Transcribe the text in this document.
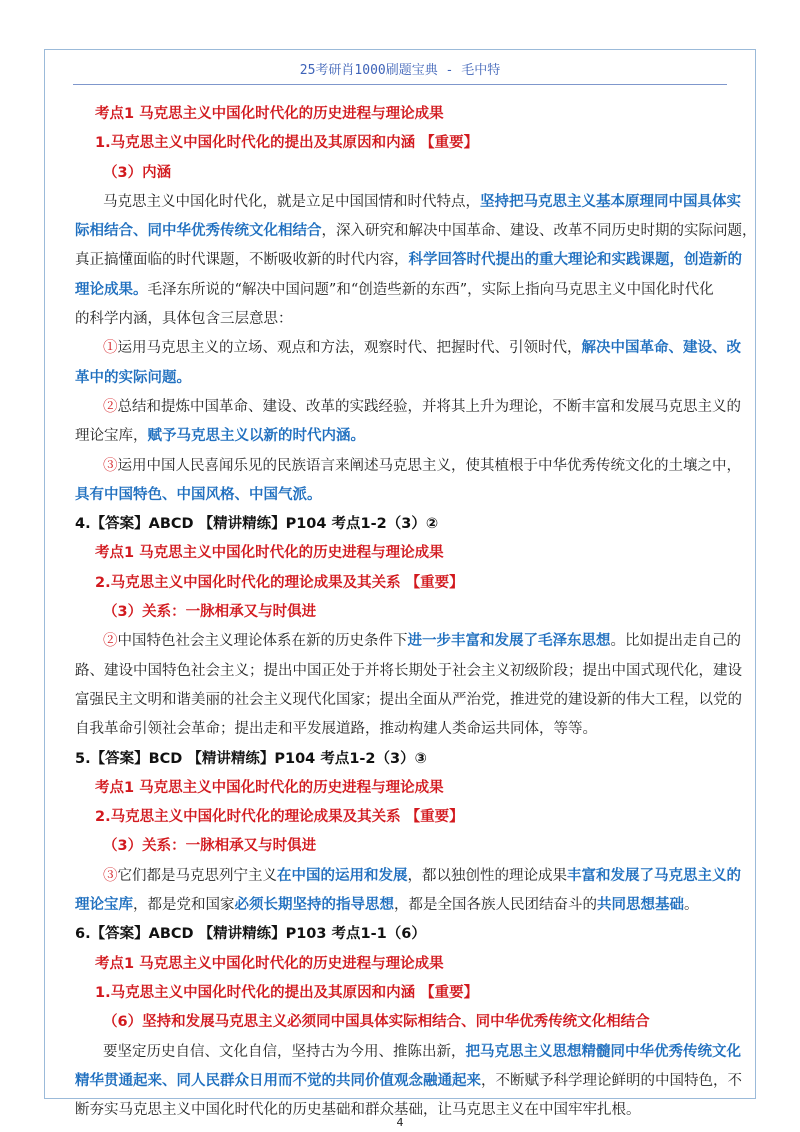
25考研肖1000刷题宝典 - 毛中特
考点1 马克思主义中国化时代化的历史进程与理论成果
1.马克思主义中国化时代化的提出及其原因和内涵 【重要】
（3）内涵
马克思主义中国化时代化，就是立足中国国情和时代特点，坚持把马克思主义基本原理同中国具体实
际相结合、同中华优秀传统文化相结合，深入研究和解决中国革命、建设、改革不同历史时期的实际问题，
真正搞懂面临的时代课题，不断吸收新的时代内容，科学回答时代提出的重大理论和实践课题，创造新的
理论成果。毛泽东所说的“解决中国问题”和“创造些新的东西”，实际上指向马克思主义中国化时代化
的科学内涵，具体包含三层意思：
①运用马克思主义的立场、观点和方法，观察时代、把握时代、引领时代，解决中国革命、建设、改
革中的实际问题。
②总结和提炼中国革命、建设、改革的实践经验，并将其上升为理论，不断丰富和发展马克思主义的
理论宝库，赋予马克思主义以新的时代内涵。
③运用中国人民喜闻乐见的民族语言来阐述马克思主义，使其植根于中华优秀传统文化的土壤之中，
具有中国特色、中国风格、中国气派。
4.【答案】ABCD 【精讲精练】P104 考点1-2（3）②
考点1 马克思主义中国化时代化的历史进程与理论成果
2.马克思主义中国化时代化的理论成果及其关系 【重要】
（3）关系：一脉相承又与时俱进
②中国特色社会主义理论体系在新的历史条件下进一步丰富和发展了毛泽东思想。比如提出走自己的
路、建设中国特色社会主义；提出中国正处于并将长期处于社会主义初级阶段；提出中国式现代化，建设
富强民主文明和谐美丽的社会主义现代化国家；提出全面从严治党，推进党的建设新的伟大工程，以党的
自我革命引领社会革命；提出走和平发展道路，推动构建人类命运共同体，等等。
5.【答案】BCD 【精讲精练】P104 考点1-2（3）③
考点1 马克思主义中国化时代化的历史进程与理论成果
2.马克思主义中国化时代化的理论成果及其关系 【重要】
（3）关系：一脉相承又与时俱进
③它们都是马克思列宁主义在中国的运用和发展，都以独创性的理论成果丰富和发展了马克思主义的
理论宝库，都是党和国家必须长期坚持的指导思想，都是全国各族人民团结奋斗的共同思想基础。
6.【答案】ABCD 【精讲精练】P103 考点1-1（6）
考点1 马克思主义中国化时代化的历史进程与理论成果
1.马克思主义中国化时代化的提出及其原因和内涵 【重要】
（6）坚持和发展马克思主义必须同中国具体实际相结合、同中华优秀传统文化相结合
要坚定历史自信、文化自信，坚持古为今用、推陈出新，把马克思主义思想精髓同中华优秀传统文化
精华贯通起来、同人民群众日用而不觉的共同价值观念融通起来，不断赋予科学理论鲜明的中国特色，不
断夯实马克思主义中国化时代化的历史基础和群众基础，让马克思主义在中国牢牢扎根。
4
